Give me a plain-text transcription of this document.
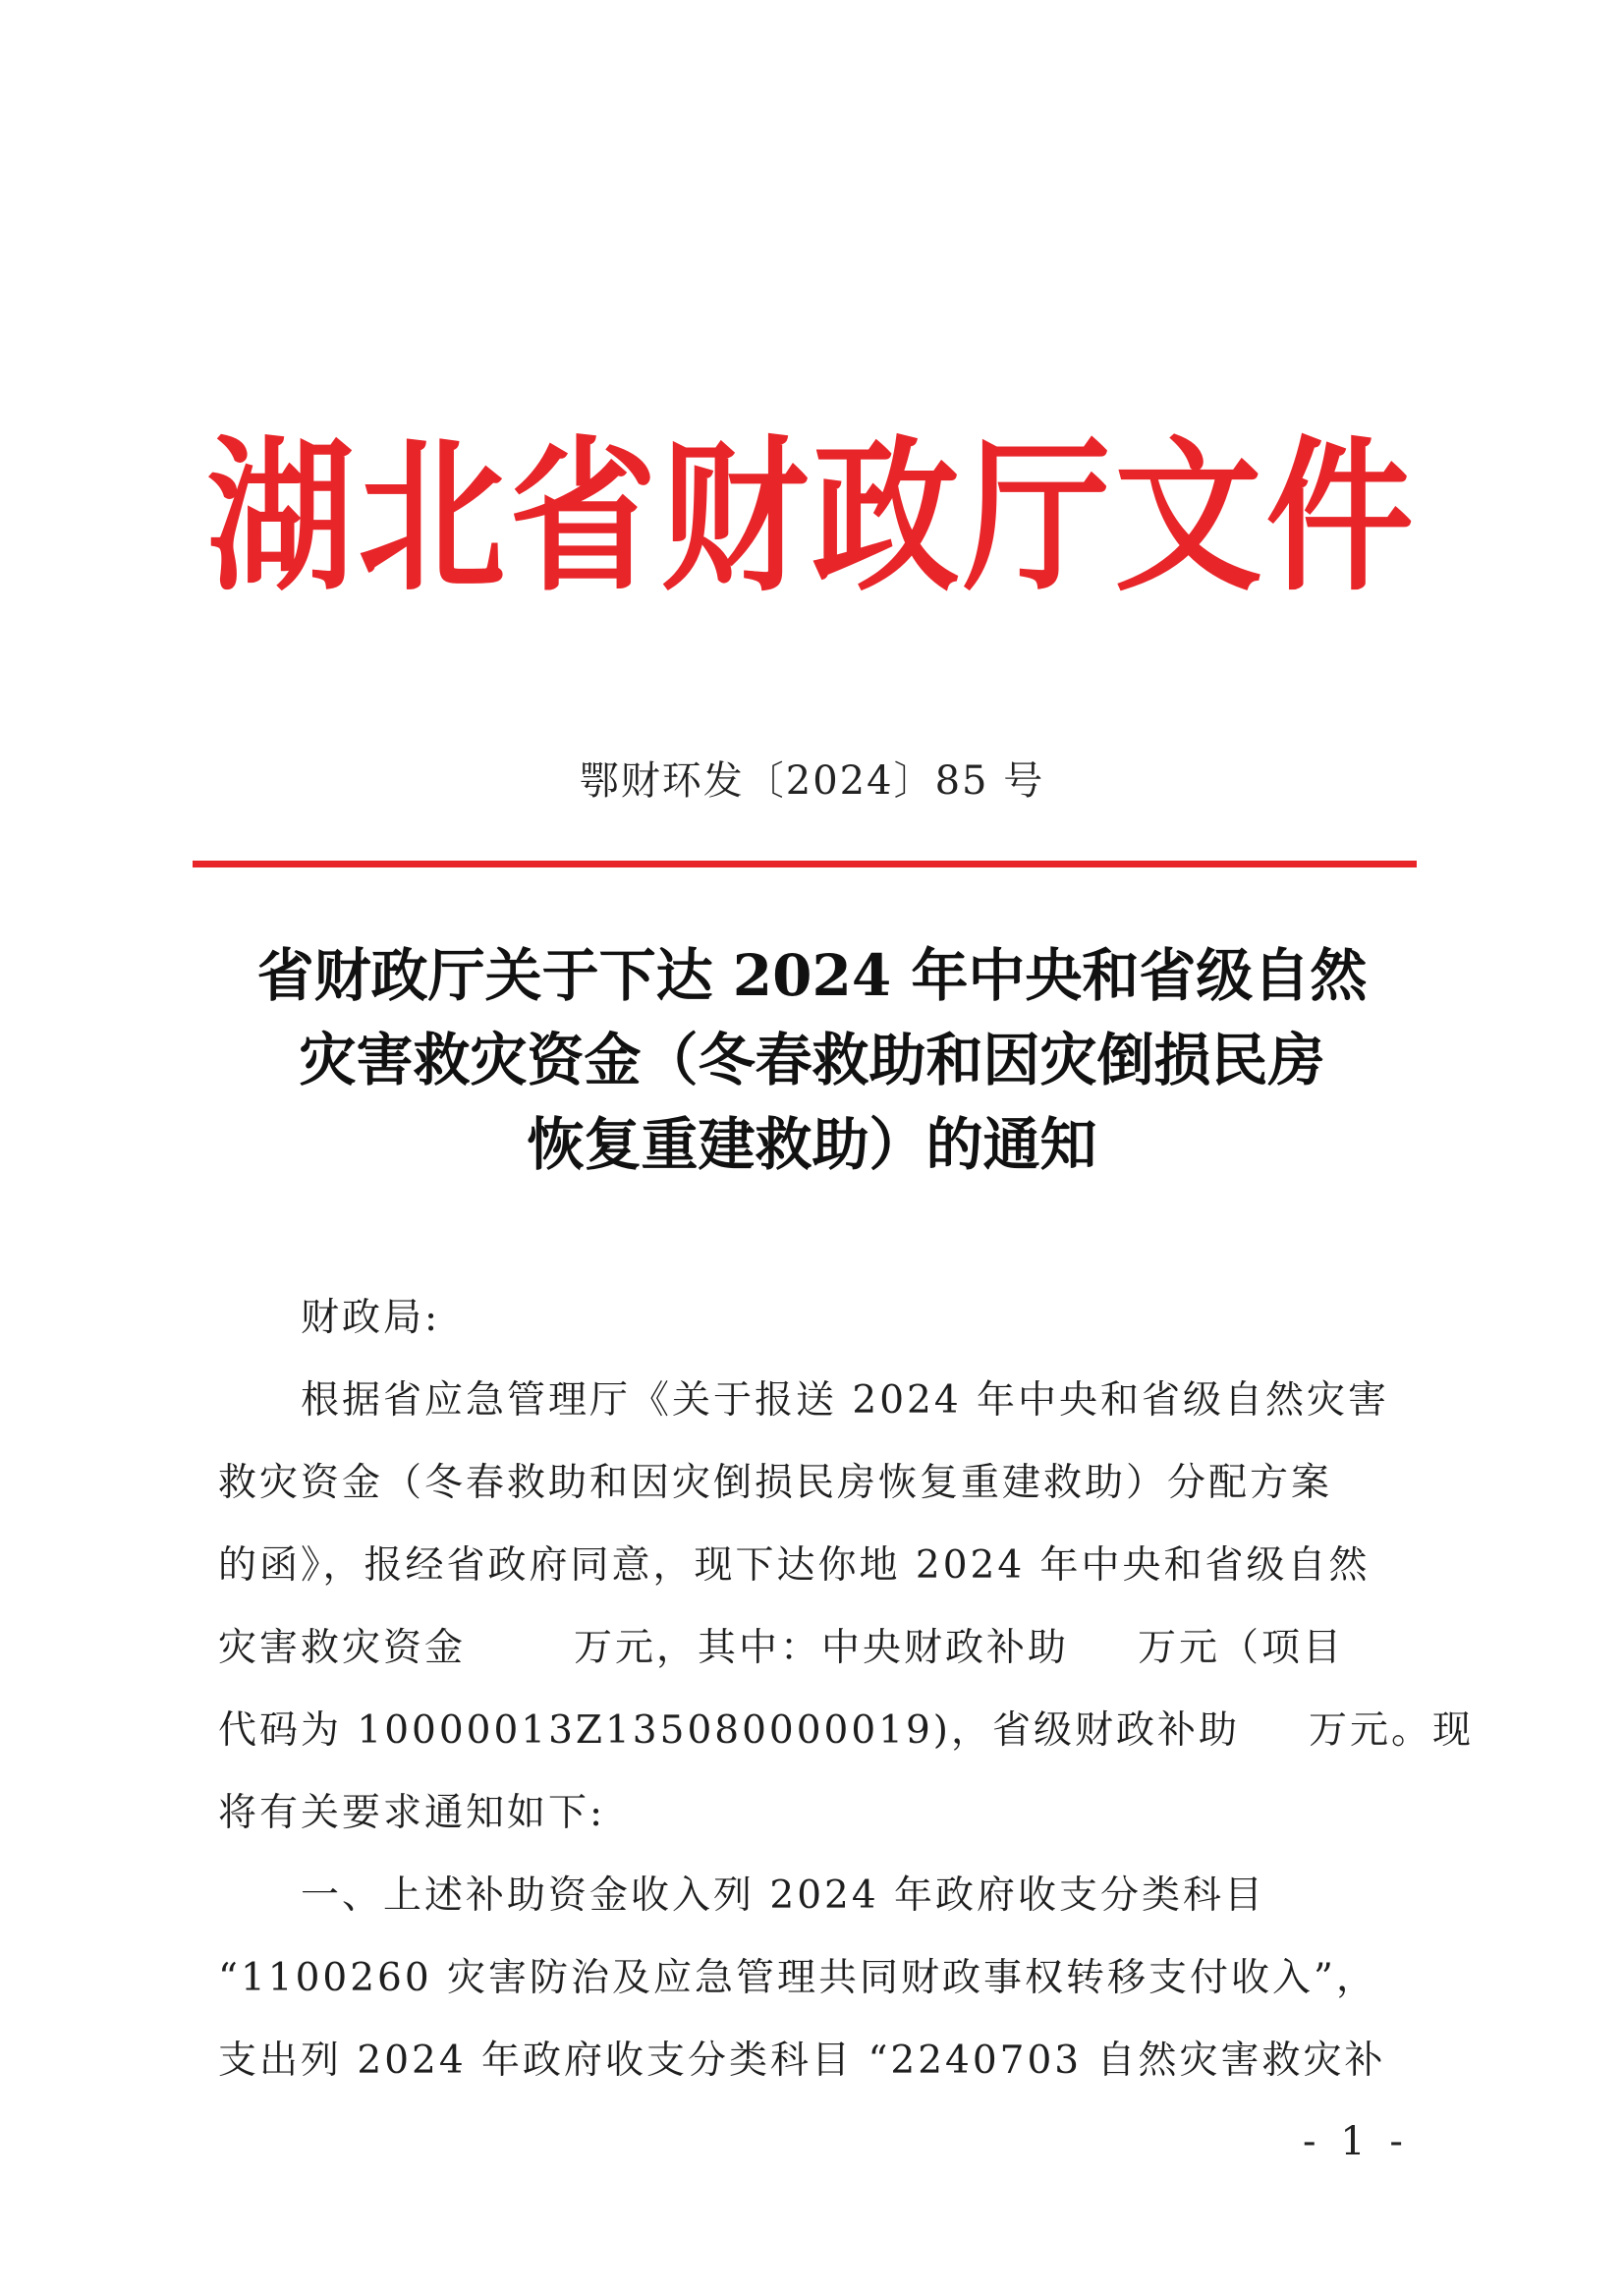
湖北省财政厅文件
鄂财环发〔2024〕85 号
省财政厅关于下达 2024 年中央和省级自然
灾害救灾资金（冬春救助和因灾倒损民房
恢复重建救助）的通知
财政局:
根据省应急管理厅《关于报送 2024 年中央和省级自然灾害
救灾资金（冬春救助和因灾倒损民房恢复重建救助）分配方案
的函》，报经省政府同意，现下达你地 2024 年中央和省级自然
灾害救灾资金	万元，其中：中央财政补助 万元（项目
代码为 10000013Z135080000019)，省级财政补助 万元。现
将有关要求通知如下:
一、上述补助资金收入列 2024 年政府收支分类科目
“1100260 灾害防治及应急管理共同财政事权转移支付收入”，
支出列 2024 年政府收支分类科目 “2240703 自然灾害救灾补
- 1 -
